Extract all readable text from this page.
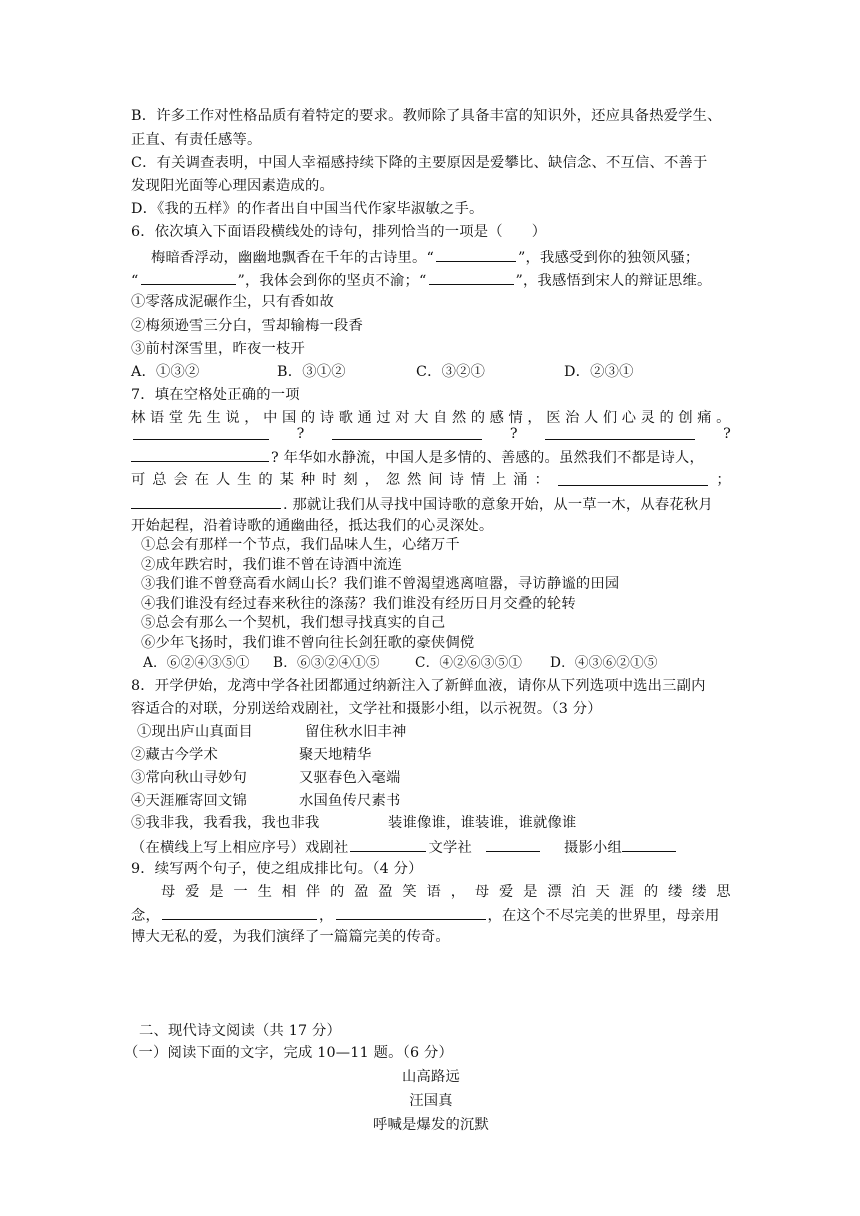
B．许多工作对性格品质有着特定的要求。教师除了具备丰富的知识外，还应具备热爱学生、
正直、有责任感等。
C．有关调查表明，中国人幸福感持续下降的主要原因是爱攀比、缺信念、不互信、不善于
发现阳光面等心理因素造成的。
D．《我的五样》的作者出自中国当代作家毕淑敏之手。
6．依次填入下面语段横线处的诗句，排列恰当的一项是（　　）
梅暗香浮动，幽幽地飘香在千年的古诗里。“	”，我感受到你的独领风骚；
“	”，我体会到你的坚贞不渝；“	”，我感悟到宋人的辩证思维。
①零落成泥碾作尘，只有香如故
②梅须逊雪三分白，雪却输梅一段香
③前村深雪里，昨夜一枝开
A．①③②	B．③①②	C．③②①	D．②③①
7．填在空格处正确的一项
林 语 堂 先 生 说 ， 中 国 的 诗 歌 通 过 对 大 自 然 的 感 情 ， 医 治 人 们 心 灵 的 创 痛 。
?	?	?
? 年华如水静流，中国人是多情的、善感的。虽然我们不都是诗人，
可 总 会 在 人 生 的 某 种 时 刻 ， 忽 然 间 诗 情 上 涌 ：	；
. 那就让我们从寻找中国诗歌的意象开始，从一草一木，从春花秋月
开始起程，沿着诗歌的通幽曲径，抵达我们的心灵深处。
①总会有那样一个节点，我们品味人生，心绪万千
②成年跌宕时，我们谁不曾在诗酒中流连
③我们谁不曾登高看水阔山长？我们谁不曾渴望逃离喧嚣，寻访静谧的田园
④我们谁没有经过春来秋往的涤荡？我们谁没有经历日月交叠的轮转
⑤总会有那么一个契机，我们想寻找真实的自己
⑥少年飞扬时，我们谁不曾向往长剑狂歌的豪侠倜傥
A．⑥②④③⑤① B．⑥③②④①⑤	C．④②⑥③⑤① D．④③⑥②①⑤
8．开学伊始，龙湾中学各社团都通过纳新注入了新鲜血液，请你从下列选项中选出三副内
容适合的对联，分别送给戏剧社，文学社和摄影小组，以示祝贺。（3 分）
①现出庐山真面目	留住秋水旧丰神
②藏古今学术	聚天地精华
③常向秋山寻妙句	又驱春色入毫端
④天涯雁寄回文锦	水国鱼传尺素书
⑤我非我，我看我，我也非我	装谁像谁，谁装谁，谁就像谁
（在横线上写上相应序号）戏剧社	文学社	摄影小组
9．续写两个句子，使之组成排比句。（4 分）
母 爱 是 一 生 相 伴 的 盈 盈 笑 语 ， 母 爱 是 漂 泊 天 涯 的 缕 缕 思
念，	，	，在这个不尽完美的世界里，母亲用
博大无私的爱，为我们演绎了一篇篇完美的传奇。
二、现代诗文阅读（共 17 分）
（一）阅读下面的文字，完成 10—11 题。（6 分）
山高路远
汪国真
呼喊是爆发的沉默
